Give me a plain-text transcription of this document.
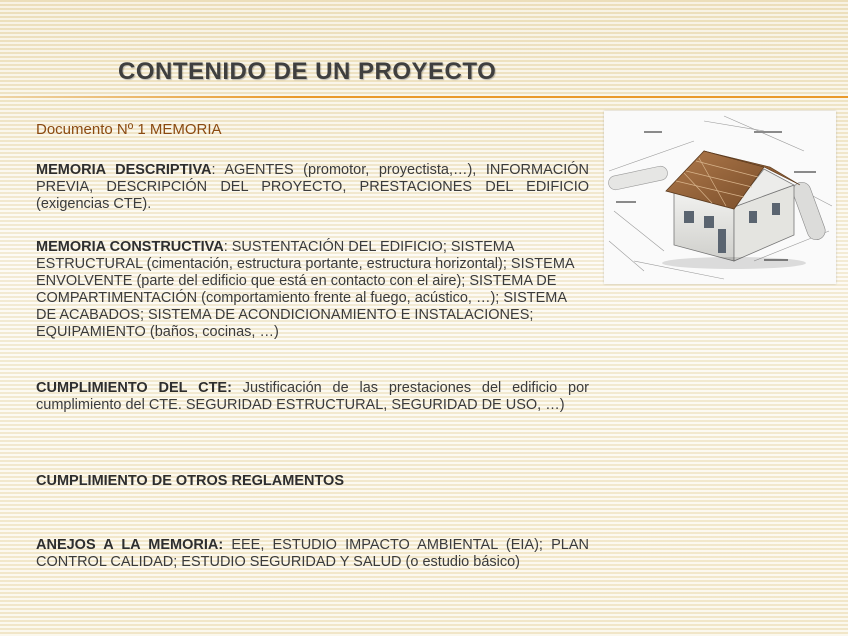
CONTENIDO DE UN PROYECTO
Documento Nº 1 MEMORIA
MEMORIA DESCRIPTIVA: AGENTES (promotor, proyectista,…), INFORMACIÓN PREVIA, DESCRIPCIÓN DEL PROYECTO, PRESTACIONES DEL EDIFICIO (exigencias CTE).
MEMORIA CONSTRUCTIVA: SUSTENTACIÓN DEL EDIFICIO; SISTEMA ESTRUCTURAL (cimentación, estructura portante, estructura horizontal); SISTEMA ENVOLVENTE (parte del edificio que está en contacto con el aire); SISTEMA DE COMPARTIMENTACIÓN (comportamiento frente al fuego, acústico, …); SISTEMA DE ACABADOS; SISTEMA DE ACONDICIONAMIENTO E INSTALACIONES; EQUIPAMIENTO (baños, cocinas, …)
CUMPLIMIENTO DEL CTE: Justificación de las prestaciones del edificio por cumplimiento del CTE. SEGURIDAD ESTRUCTURAL, SEGURIDAD DE USO, …)
CUMPLIMIENTO DE OTROS REGLAMENTOS
ANEJOS A LA MEMORIA: EEE, ESTUDIO IMPACTO AMBIENTAL (EIA); PLAN CONTROL CALIDAD; ESTUDIO SEGURIDAD Y SALUD (o estudio básico)
